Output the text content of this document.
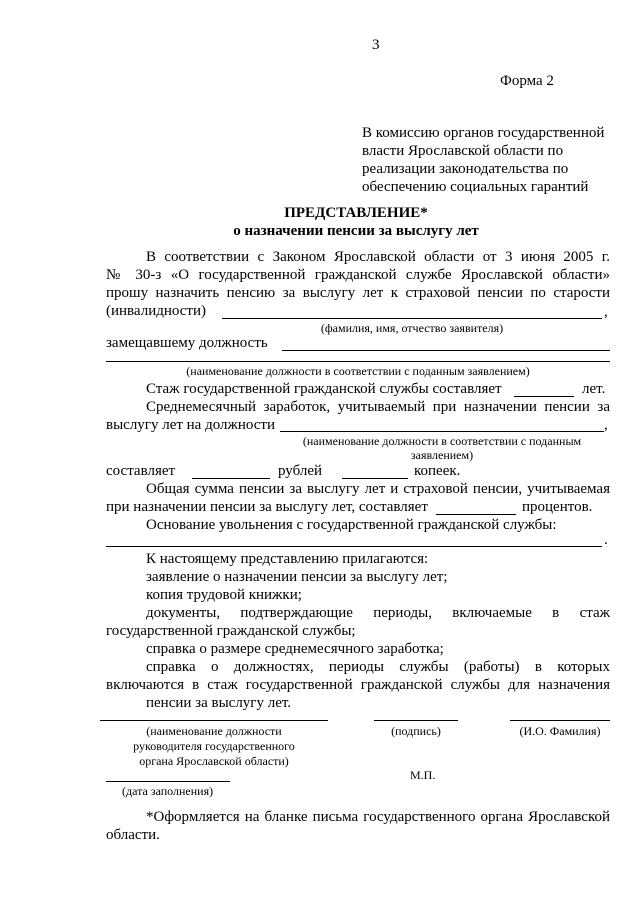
3
Форма 2
В комиссию органов государственной
власти Ярославской области по
реализации законодательства по
обеспечению социальных гарантий
ПРЕДСТАВЛЕНИЕ*
о назначении пенсии за выслугу лет
В соответствии с Законом Ярославской области от 3 июня 2005 г.
№ 30-з «О государственной гражданской службе Ярославской области»
прошу назначить пенсию за выслугу лет к страховой пенсии по старости
(инвалидности)	,
(фамилия, имя, отчество заявителя)
замещавшему должность
(наименование должности в соответствии с поданным заявлением)
Стаж государственной гражданской службы составляет	лет.
Среднемесячный заработок, учитываемый при назначении пенсии за
выслугу лет на должности	,
(наименование должности в соответствии с поданным
заявлением)
составляет	рублей	копеек.
Общая сумма пенсии за выслугу лет и страховой пенсии, учитываемая
при назначении пенсии за выслугу лет, составляет	процентов.
Основание увольнения с государственной гражданской службы:
.
К настоящему представлению прилагаются:
заявление о назначении пенсии за выслугу лет;
копия трудовой книжки;
документы, подтверждающие периоды, включаемые в стаж
государственной гражданской службы;
справка о размере среднемесячного заработка;
справка о должностях, периоды службы (работы) в которых
включаются в стаж государственной гражданской службы для назначения
пенсии за выслугу лет.
(наименование должности
руководителя государственного
органа Ярославской области)
(подпись)	(И.О. Фамилия)
М.П.
(дата заполнения)
*Оформляется на бланке письма государственного органа Ярославской
области.
